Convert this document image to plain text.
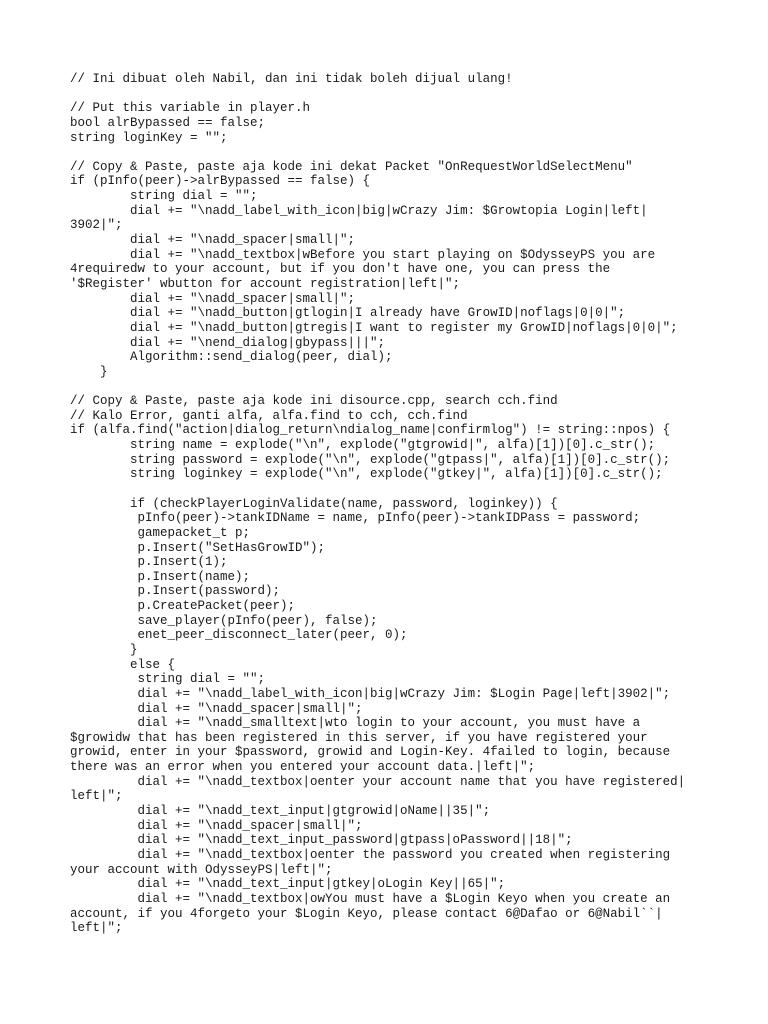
// Ini dibuat oleh Nabil, dan ini tidak boleh dijual ulang!
// Put this variable in player.h
bool alrBypassed == false;
string loginKey = "";
// Copy & Paste, paste aja kode ini dekat Packet "OnRequestWorldSelectMenu"
if (pInfo(peer)->alrBypassed == false) {
string dial = "";
dial += "\nadd_label_with_icon|big|wCrazy Jim: $Growtopia Login|left|
3902|";
dial += "\nadd_spacer|small|";
dial += "\nadd_textbox|wBefore you start playing on $OdysseyPS you are
4requiredw to your account, but if you don't have one, you can press the
'$Register' wbutton for account registration|left|";
dial += "\nadd_spacer|small|";
dial += "\nadd_button|gtlogin|I already have GrowID|noflags|0|0|";
dial += "\nadd_button|gtregis|I want to register my GrowID|noflags|0|0|";
dial += "\nend_dialog|gbypass|||";
Algorithm::send_dialog(peer, dial);
}
// Copy & Paste, paste aja kode ini disource.cpp, search cch.find
// Kalo Error, ganti alfa, alfa.find to cch, cch.find
if (alfa.find("action|dialog_return\ndialog_name|confirmlog") != string::npos) {
string name = explode("\n", explode("gtgrowid|", alfa)[1])[0].c_str();
string password = explode("\n", explode("gtpass|", alfa)[1])[0].c_str();
string loginkey = explode("\n", explode("gtkey|", alfa)[1])[0].c_str();
if (checkPlayerLoginValidate(name, password, loginkey)) {
pInfo(peer)->tankIDName = name, pInfo(peer)->tankIDPass = password;
gamepacket_t p;
p.Insert("SetHasGrowID");
p.Insert(1);
p.Insert(name);
p.Insert(password);
p.CreatePacket(peer);
save_player(pInfo(peer), false);
enet_peer_disconnect_later(peer, 0);
}
else {
string dial = "";
dial += "\nadd_label_with_icon|big|wCrazy Jim: $Login Page|left|3902|";
dial += "\nadd_spacer|small|";
dial += "\nadd_smalltext|wto login to your account, you must have a
$growidw that has been registered in this server, if you have registered your
growid, enter in your $password, growid and Login-Key. 4failed to login, because
there was an error when you entered your account data.|left|";
dial += "\nadd_textbox|oenter your account name that you have registered|
left|";
dial += "\nadd_text_input|gtgrowid|oName||35|";
dial += "\nadd_spacer|small|";
dial += "\nadd_text_input_password|gtpass|oPassword||18|";
dial += "\nadd_textbox|oenter the password you created when registering
your account with OdysseyPS|left|";
dial += "\nadd_text_input|gtkey|oLogin Key||65|";
dial += "\nadd_textbox|owYou must have a $Login Keyo when you create an
account, if you 4forgeto your $Login Keyo, please contact 6@Dafao or 6@Nabil``|
left|";
